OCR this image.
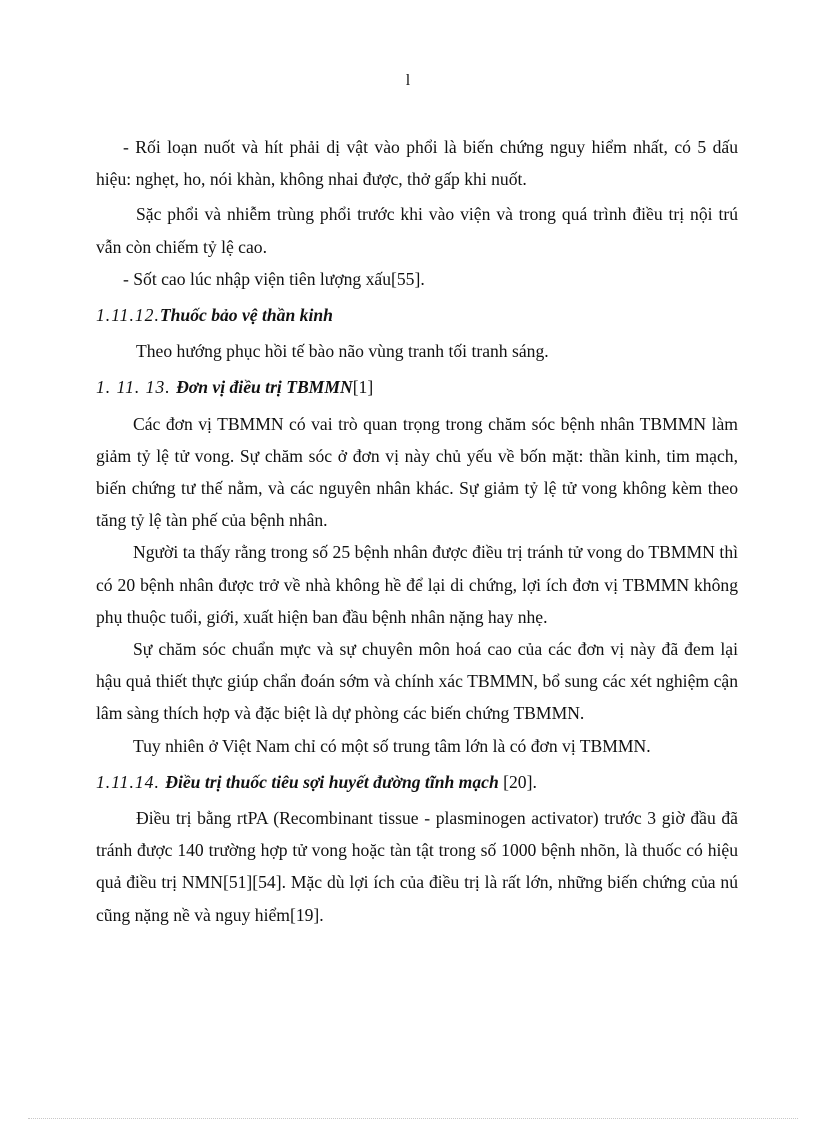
l

- Rối loạn nuốt và hít phải dị vật vào phổi là biến chứng nguy hiểm nhất, có 5 dấu hiệu: nghẹt, ho, nói khàn, không nhai được, thở gấp khi nuốt.

Sặc phổi và nhiễm trùng phổi trước khi vào viện và trong quá trình điều trị nội trú vẫn còn chiếm tỷ lệ cao.

- Sốt cao lúc nhập viện tiên lượng xấu[55].

1.11.12.Thuốc bảo vệ thần kinh

Theo hướng phục hồi tế bào não vùng tranh tối tranh sáng.

1. 11. 13. Đơn vị điều trị TBMMN[1]

Các đơn vị TBMMN có vai trò quan trọng trong chăm sóc bệnh nhân TBMMN làm giảm tỷ lệ tử vong. Sự chăm sóc ở đơn vị này chủ yếu về bốn mặt: thần kinh, tim mạch, biến chứng tư thế nằm, và các nguyên nhân khác. Sự giảm tỷ lệ tử vong không kèm theo tăng tỷ lệ tàn phế của bệnh nhân.

Người ta thấy rằng trong số 25 bệnh nhân được điều trị tránh tử vong do TBMMN thì có 20 bệnh nhân được trở về nhà không hề để lại di chứng, lợi ích đơn vị TBMMN không phụ thuộc tuổi, giới, xuất hiện ban đầu bệnh nhân nặng hay nhẹ.

Sự chăm sóc chuẩn mực và sự chuyên môn hoá cao của các đơn vị này đã đem lại hậu quả thiết thực giúp chẩn đoán sớm và chính xác TBMMN, bổ sung các xét nghiệm cận lâm sàng thích hợp và đặc biệt là dự phòng các biến chứng TBMMN.

Tuy nhiên ở Việt Nam chỉ có một số trung tâm lớn là có đơn vị TBMMN.

1.11.14. Điều trị thuốc tiêu sợi huyết đường tĩnh mạch [20].

Điều trị bằng rtPA (Recombinant tissue - plasminogen activator) trước 3 giờ đầu đã tránh được 140 trường hợp tử vong hoặc tàn tật trong số 1000 bệnh nhõn, là thuốc có hiệu quả điều trị NMN[51][54]. Mặc dù lợi ích của điều trị là rất lớn, những biến chứng của nú cũng nặng nề và nguy hiểm[19].
